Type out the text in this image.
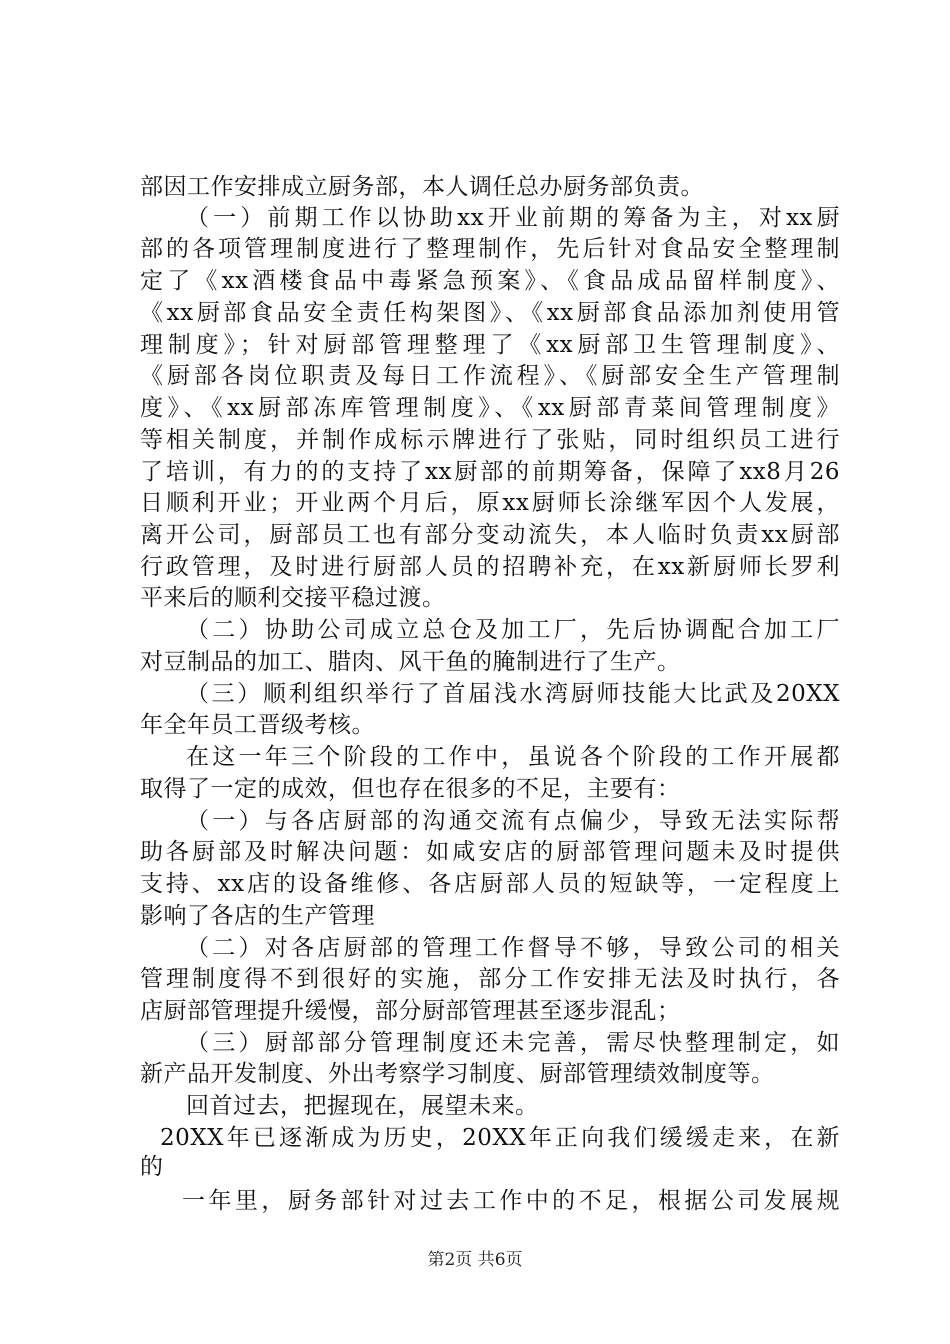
部因工作安排成立厨务部，本人调任总办厨务部负责。
（一）前期工作以协助xx开业前期的筹备为主，对xx厨
部的各项管理制度进行了整理制作，先后针对食品安全整理制
定了《xx酒楼食品中毒紧急预案》、《食品成品留样制度》、
《xx厨部食品安全责任构架图》、《xx厨部食品添加剂使用管
理制度》；针对厨部管理整理了《xx厨部卫生管理制度》、
《厨部各岗位职责及每日工作流程》、《厨部安全生产管理制
度》、《xx厨部冻库管理制度》、《xx厨部青菜间管理制度》
等相关制度，并制作成标示牌进行了张贴，同时组织员工进行
了培训，有力的的支持了xx厨部的前期筹备，保障了xx8月26
日顺利开业；开业两个月后，原xx厨师长涂继军因个人发展，
离开公司，厨部员工也有部分变动流失，本人临时负责xx厨部
行政管理，及时进行厨部人员的招聘补充，在xx新厨师长罗利
平来后的顺利交接平稳过渡。
（二）协助公司成立总仓及加工厂，先后协调配合加工厂
对豆制品的加工、腊肉、风干鱼的腌制进行了生产。
（三）顺利组织举行了首届浅水湾厨师技能大比武及20XX
年全年员工晋级考核。
在这一年三个阶段的工作中，虽说各个阶段的工作开展都
取得了一定的成效，但也存在很多的不足，主要有：
（一）与各店厨部的沟通交流有点偏少，导致无法实际帮
助各厨部及时解决问题：如咸安店的厨部管理问题未及时提供
支持、xx店的设备维修、各店厨部人员的短缺等，一定程度上
影响了各店的生产管理
（二）对各店厨部的管理工作督导不够，导致公司的相关
管理制度得不到很好的实施，部分工作安排无法及时执行，各
店厨部管理提升缓慢，部分厨部管理甚至逐步混乱；
（三）厨部部分管理制度还未完善，需尽快整理制定，如
新产品开发制度、外出考察学习制度、厨部管理绩效制度等。
回首过去，把握现在，展望未来。
20XX年已逐渐成为历史，20XX年正向我们缓缓走来，在新
的
一年里，厨务部针对过去工作中的不足，根据公司发展规
第2页 共6页
